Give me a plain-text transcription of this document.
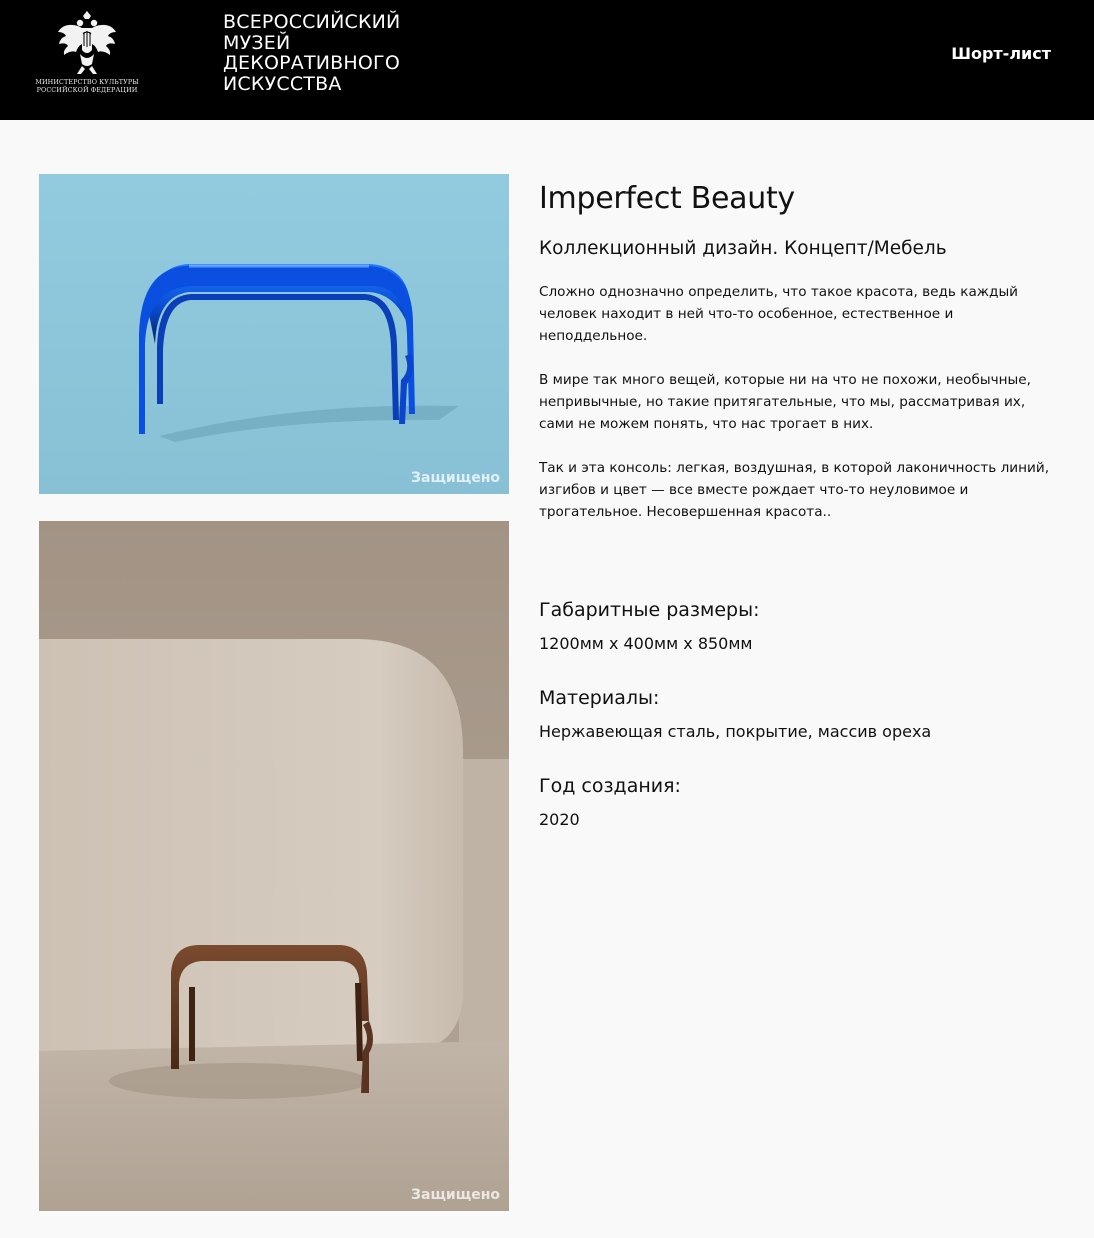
МИНИСТЕРСТВО КУЛЬТУРЫ
РОССИЙСКОЙ ФЕДЕРАЦИИ
ВСЕРОССИЙСКИЙ
МУЗЕЙ
ДЕКОРАТИВНОГО
ИСКУССТВА
Шорт-лист
Защищено
Защищено
Imperfect Beauty
Коллекционный дизайн. Концепт/Мебель

Сложно однозначно определить, что такое красота, ведь каждый человек находит в ней что-то особенное, естественное и неподдельное.

В мире так много вещей, которые ни на что не похожи, необычные, непривычные, но такие притягательные, что мы, рассматривая их, сами не можем понять, что нас трогает в них.

Так и эта консоль: легкая, воздушная, в которой лаконичность линий, изгибов и цвет — все вместе рождает что-то неуловимое и трогательное. Несовершенная красота..

Габаритные размеры:

1200мм x 400мм x 850мм

Материалы:

Нержавеющая сталь, покрытие, массив ореха

Год создания:

2020
